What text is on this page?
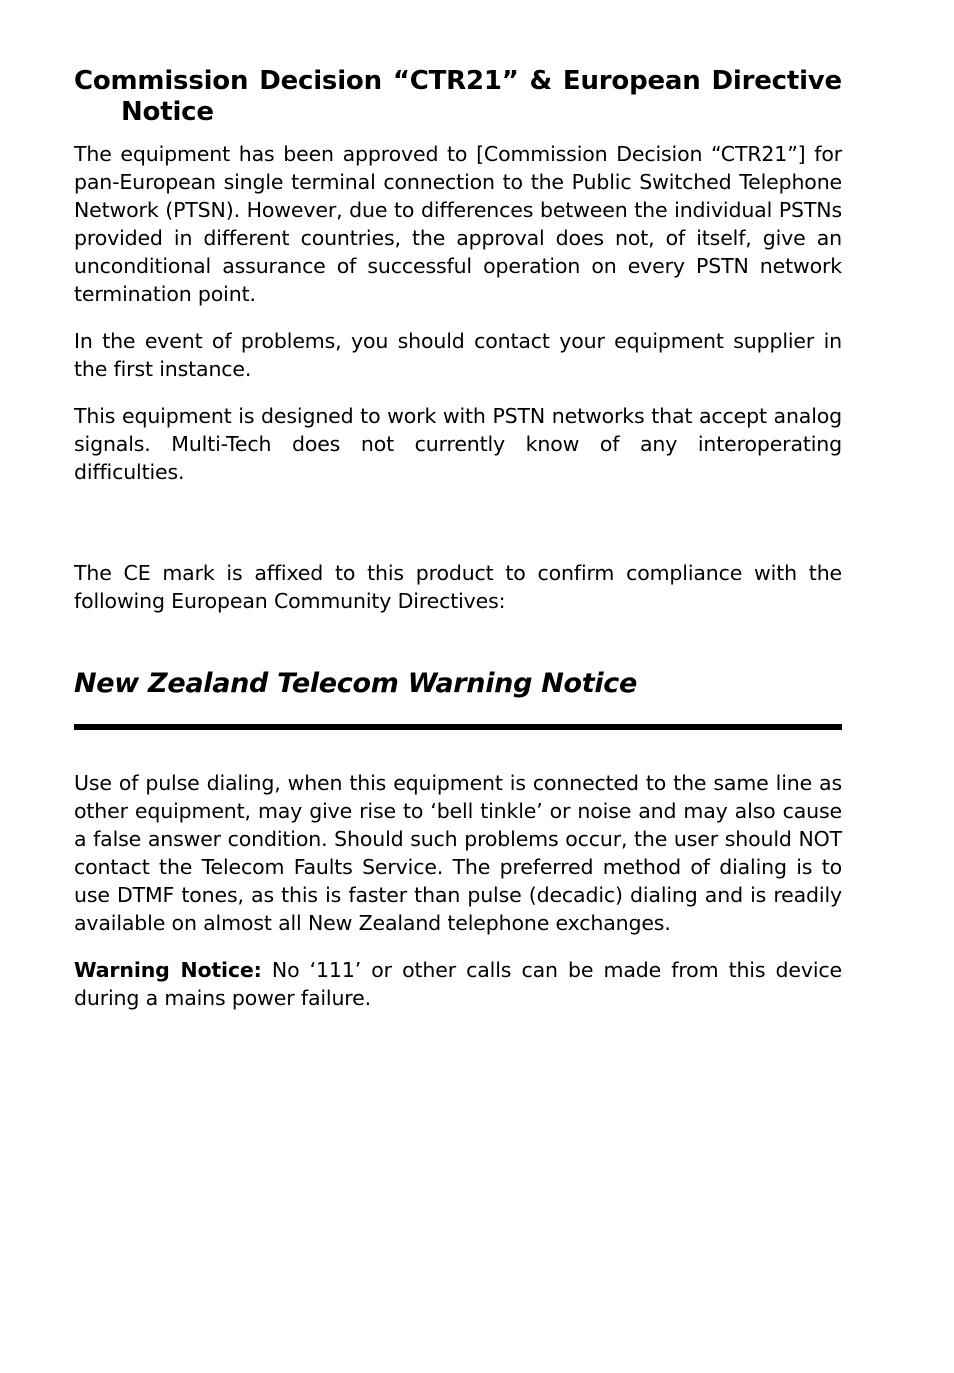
Commission Decision “CTR21” & European Directive Notice

The equipment has been approved to [Commission Decision “CTR21”] for pan-European single terminal connection to the Public Switched Telephone Network (PTSN). However, due to differences between the individual PSTNs provided in different countries, the approval does not, of itself, give an unconditional assurance of successful operation on every PSTN network termination point.

In the event of problems, you should contact your equipment supplier in the first instance.

This equipment is designed to work with PSTN networks that accept analog signals. Multi-Tech does not currently know of any interoperating difficulties.

The CE mark is affixed to this product to confirm compliance with the following European Community Directives:

New Zealand Telecom Warning Notice

Use of pulse dialing, when this equipment is connected to the same line as other equipment, may give rise to ‘bell tinkle’ or noise and may also cause a false answer condition. Should such problems occur, the user should NOT contact the Telecom Faults Service. The preferred method of dialing is to use DTMF tones, as this is faster than pulse (decadic) dialing and is readily available on almost all New Zealand telephone exchanges.

Warning Notice: No ‘111’ or other calls can be made from this device during a mains power failure.
